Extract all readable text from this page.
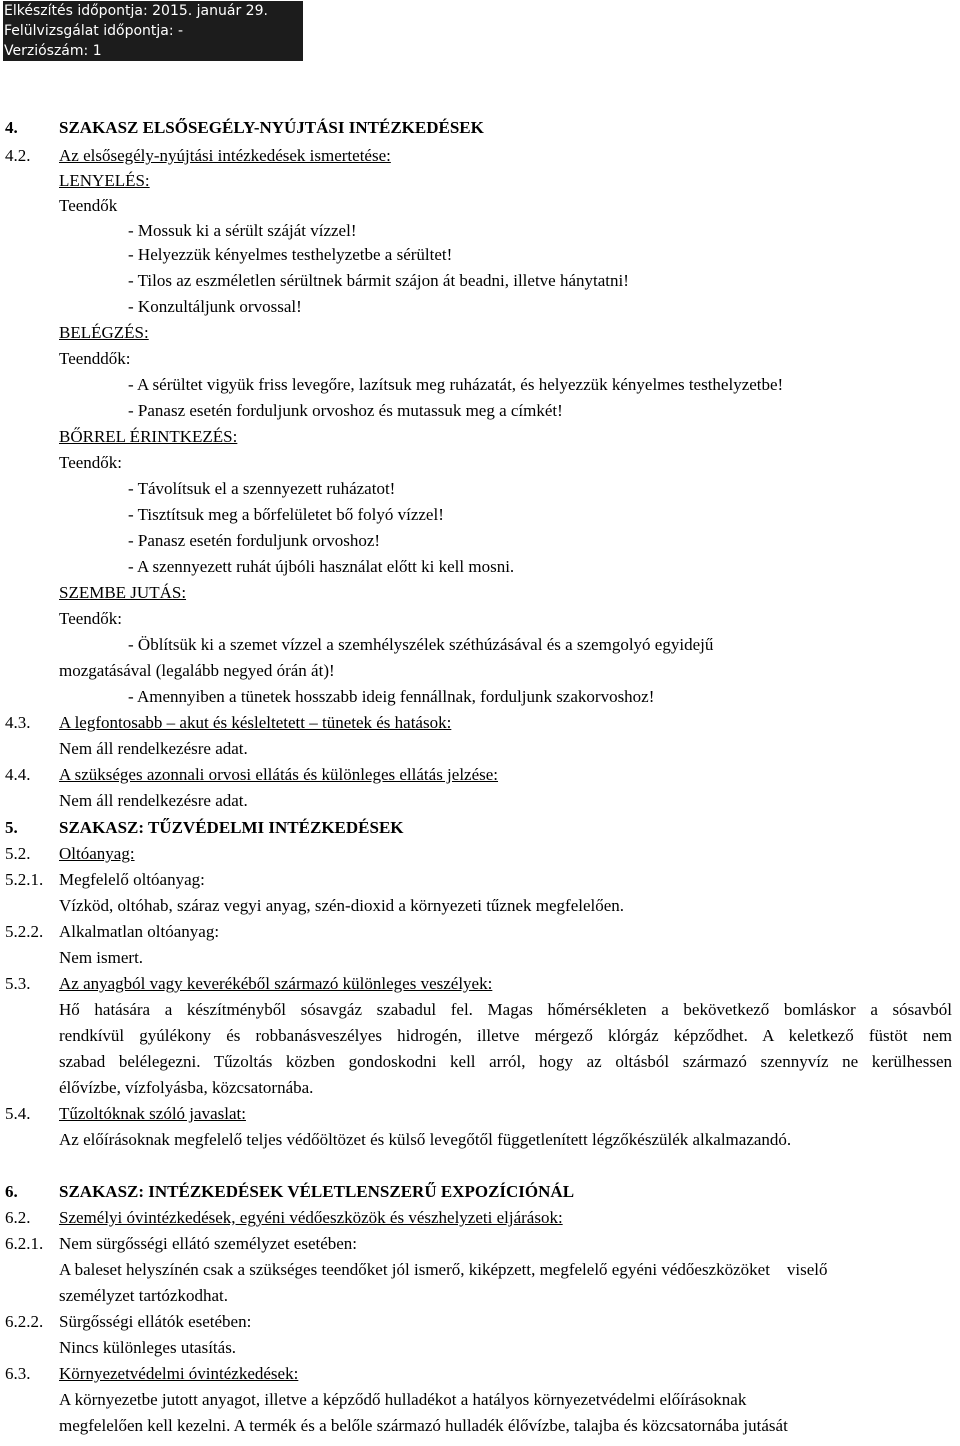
Elkészítés időpontja: 2015. január 29.
Felülvizsgálat időpontja: -
Verziószám: 1
4. SZAKASZ ELSŐSEGÉLY-NYÚJTÁSI INTÉZKEDÉSEK
4.2. Az elsősegély-nyújtási intézkedések ismertetése:
LENYELÉS:
Teendők
- Mossuk ki a sérült száját vízzel!
- Helyezzük kényelmes testhelyzetbe a sérültet!
- Tilos az eszméletlen sérültnek bármit szájon át beadni, illetve hánytatni!
- Konzultáljunk orvossal!
BELÉGZÉS:
Teenddők:
- A sérültet vigyük friss levegőre, lazítsuk meg ruházatát, és helyezzük kényelmes testhelyzetbe!
- Panasz esetén forduljunk orvoshoz és mutassuk meg a címkét!
BŐRREL ÉRINTKEZÉS:
Teendők:
- Távolítsuk el a szennyezett ruházatot!
- Tisztítsuk meg a bőrfelületet bő folyó vízzel!
- Panasz esetén forduljunk orvoshoz!
- A szennyezett ruhát újbóli használat előtt ki kell mosni.
SZEMBE JUTÁS:
Teendők:
- Öblítsük ki a szemet vízzel a szemhélyszélek széthúzásával és a szemgolyó egyidejű
mozgatásával (legalább negyed órán át)!
- Amennyiben a tünetek hosszabb ideig fennállnak, forduljunk szakorvoshoz!
4.3. A legfontosabb – akut és késleltetett – tünetek és hatások:
Nem áll rendelkezésre adat.
4.4. A szükséges azonnali orvosi ellátás és különleges ellátás jelzése:
Nem áll rendelkezésre adat.
5. SZAKASZ: TŰZVÉDELMI INTÉZKEDÉSEK
5.2. Oltóanyag:
5.2.1. Megfelelő oltóanyag:
Vízköd, oltóhab, száraz vegyi anyag, szén-dioxid a környezeti tűznek megfelelően.
5.2.2. Alkalmatlan oltóanyag:
Nem ismert.
5.3. Az anyagból vagy keverékéből származó különleges veszélyek:
Hő hatására a készítményből sósavgáz szabadul fel. Magas hőmérsékleten a bekövetkező bomláskor a sósavból
rendkívül gyúlékony és robbanásveszélyes hidrogén, illetve mérgező klórgáz képződhet. A keletkező füstöt nem
szabad belélegezni. Tűzoltás közben gondoskodni kell arról, hogy az oltásból származó szennyvíz ne kerülhessen
élővízbe, vízfolyásba, közcsatornába.
5.4. Tűzoltóknak szóló javaslat:
Az előírásoknak megfelelő teljes védőöltözet és külső levegőtől függetlenített légzőkészülék alkalmazandó.
6. SZAKASZ: INTÉZKEDÉSEK VÉLETLENSZERŰ EXPOZÍCIÓNÁL
6.2. Személyi óvintézkedések, egyéni védőeszközök és vészhelyzeti eljárások:
6.2.1. Nem sürgősségi ellátó személyzet esetében:
A baleset helyszínén csak a szükséges teendőket jól ismerő, kiképzett, megfelelő egyéni védőeszközöket    viselő
személyzet tartózkodhat.
6.2.2. Sürgősségi ellátók esetében:
Nincs különleges utasítás.
6.3. Környezetvédelmi óvintézkedések:
A környezetbe jutott anyagot, illetve a képződő hulladékot a hatályos környezetvédelmi előírásoknak
megfelelően kell kezelni. A termék és a belőle származó hulladék élővízbe, talajba és közcsatornába jutását
